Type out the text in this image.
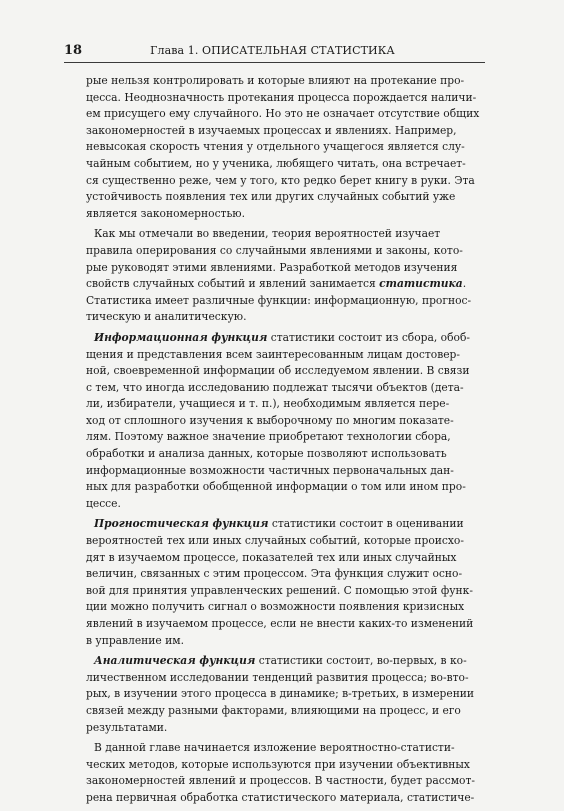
18	Глава 1. ОПИСАТЕЛЬНАЯ СТАТИСТИКА
рые нельзя контролировать и которые влияют на протекание про-
цесса. Неоднозначность протекания процесса порождается наличи-
ем присущего ему случайного. Но это не означает отсутствие общих
закономерностей в изучаемых процессах и явлениях. Например,
невысокая скорость чтения у отдельного учащегося является слу-
чайным событием, но у ученика, любящего читать, она встречает-
ся существенно реже, чем у того, кто редко берет книгу в руки. Эта
устойчивость появления тех или других случайных событий уже
является закономерностью.
Как мы отмечали во введении, теория вероятностей изучает
правила оперирования со случайными явлениями и законы, кото-
рые руководят этими явлениями. Разработкой методов изучения
свойств случайных событий и явлений занимается статистика.
Статистика имеет различные функции: информационную, прогнос-
тическую и аналитическую.
Информационная функция статистики состоит из сбора, обоб-
щения и представления всем заинтересованным лицам достовер-
ной, своевременной информации об исследуемом явлении. В связи
с тем, что иногда исследованию подлежат тысячи объектов (дета-
ли, избиратели, учащиеся и т. п.), необходимым является пере-
ход от сплошного изучения к выборочному по многим показате-
лям. Поэтому важное значение приобретают технологии сбора,
обработки и анализа данных, которые позволяют использовать
информационные возможности частичных первоначальных дан-
ных для разработки обобщенной информации о том или ином про-
цессе.
Прогностическая функция статистики состоит в оценивании
вероятностей тех или иных случайных событий, которые происхо-
дят в изучаемом процессе, показателей тех или иных случайных
величин, связанных с этим процессом. Эта функция служит осно-
вой для принятия управленческих решений. С помощью этой функ-
ции можно получить сигнал о возможности появления кризисных
явлений в изучаемом процессе, если не внести каких-то изменений
в управление им.
Аналитическая функция статистики состоит, во-первых, в ко-
личественном исследовании тенденций развития процесса; во-вто-
рых, в изучении этого процесса в динамике; в-третьих, в измерении
связей между разными факторами, влияющими на процесс, и его
результатами.
В данной главе начинается изложение вероятностно-статисти-
ческих методов, которые используются при изучении объективных
закономерностей явлений и процессов. В частности, будет рассмот-
рена первичная обработка статистического материала, статистиче-
